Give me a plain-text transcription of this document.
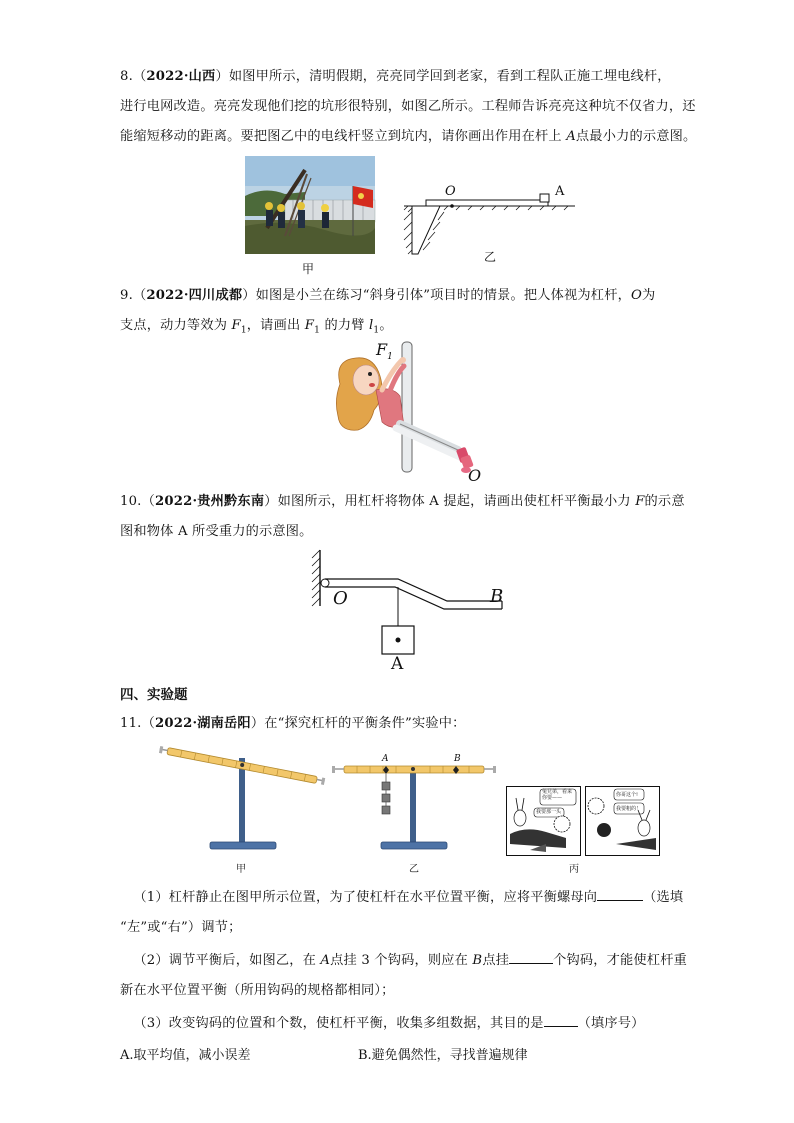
8.（2022·山西）如图甲所示，清明假期，亮亮同学回到老家，看到工程队正施工埋电线杆，
进行电网改造。亮亮发现他们挖的坑形很特别，如图乙所示。工程师告诉亮亮这种坑不仅省力，还
能缩短移动的距离。要把图乙中的电线杆竖立到坑内，请你画出作用在杆上 A点最小力的示意图。
甲
O	A
乙
9.（2022·四川成都）如图是小兰在练习“斜身引体”项目时的情景。把人体视为杠杆，O为
支点，动力等效为 $F_1$，请画出 $F_1$ 的力臂 $l_1$。
$F_1$
O
10.（2022·贵州黔东南）如图所示，用杠杆将物体 A 提起，请画出使杠杆平衡最小力 F的示意
图和物体 A 所受重力的示意图。
O	B
A
四、实验题
11.（2022·湖南岳阳）在“探究杠杆的平衡条件”实验中：
甲
A	B
乙
兔兄弟，看来你要——
我要那一头
你哥这个!
我要粗的！
丙
 （1）杠杆静止在图甲所示位置，为了使杠杆在水平位置平衡，应将平衡螺母向	（选填
“左”或“右”）调节；
 （2）调节平衡后，如图乙，在 A点挂 3 个钩码，则应在 B点挂	个钩码，才能使杠杆重
新在水平位置平衡（所用钩码的规格都相同）；
 （3）改变钩码的位置和个数，使杠杆平衡，收集多组数据，其目的是	（填序号）
A.取平均值，减小误差	B.避免偶然性，寻找普遍规律
